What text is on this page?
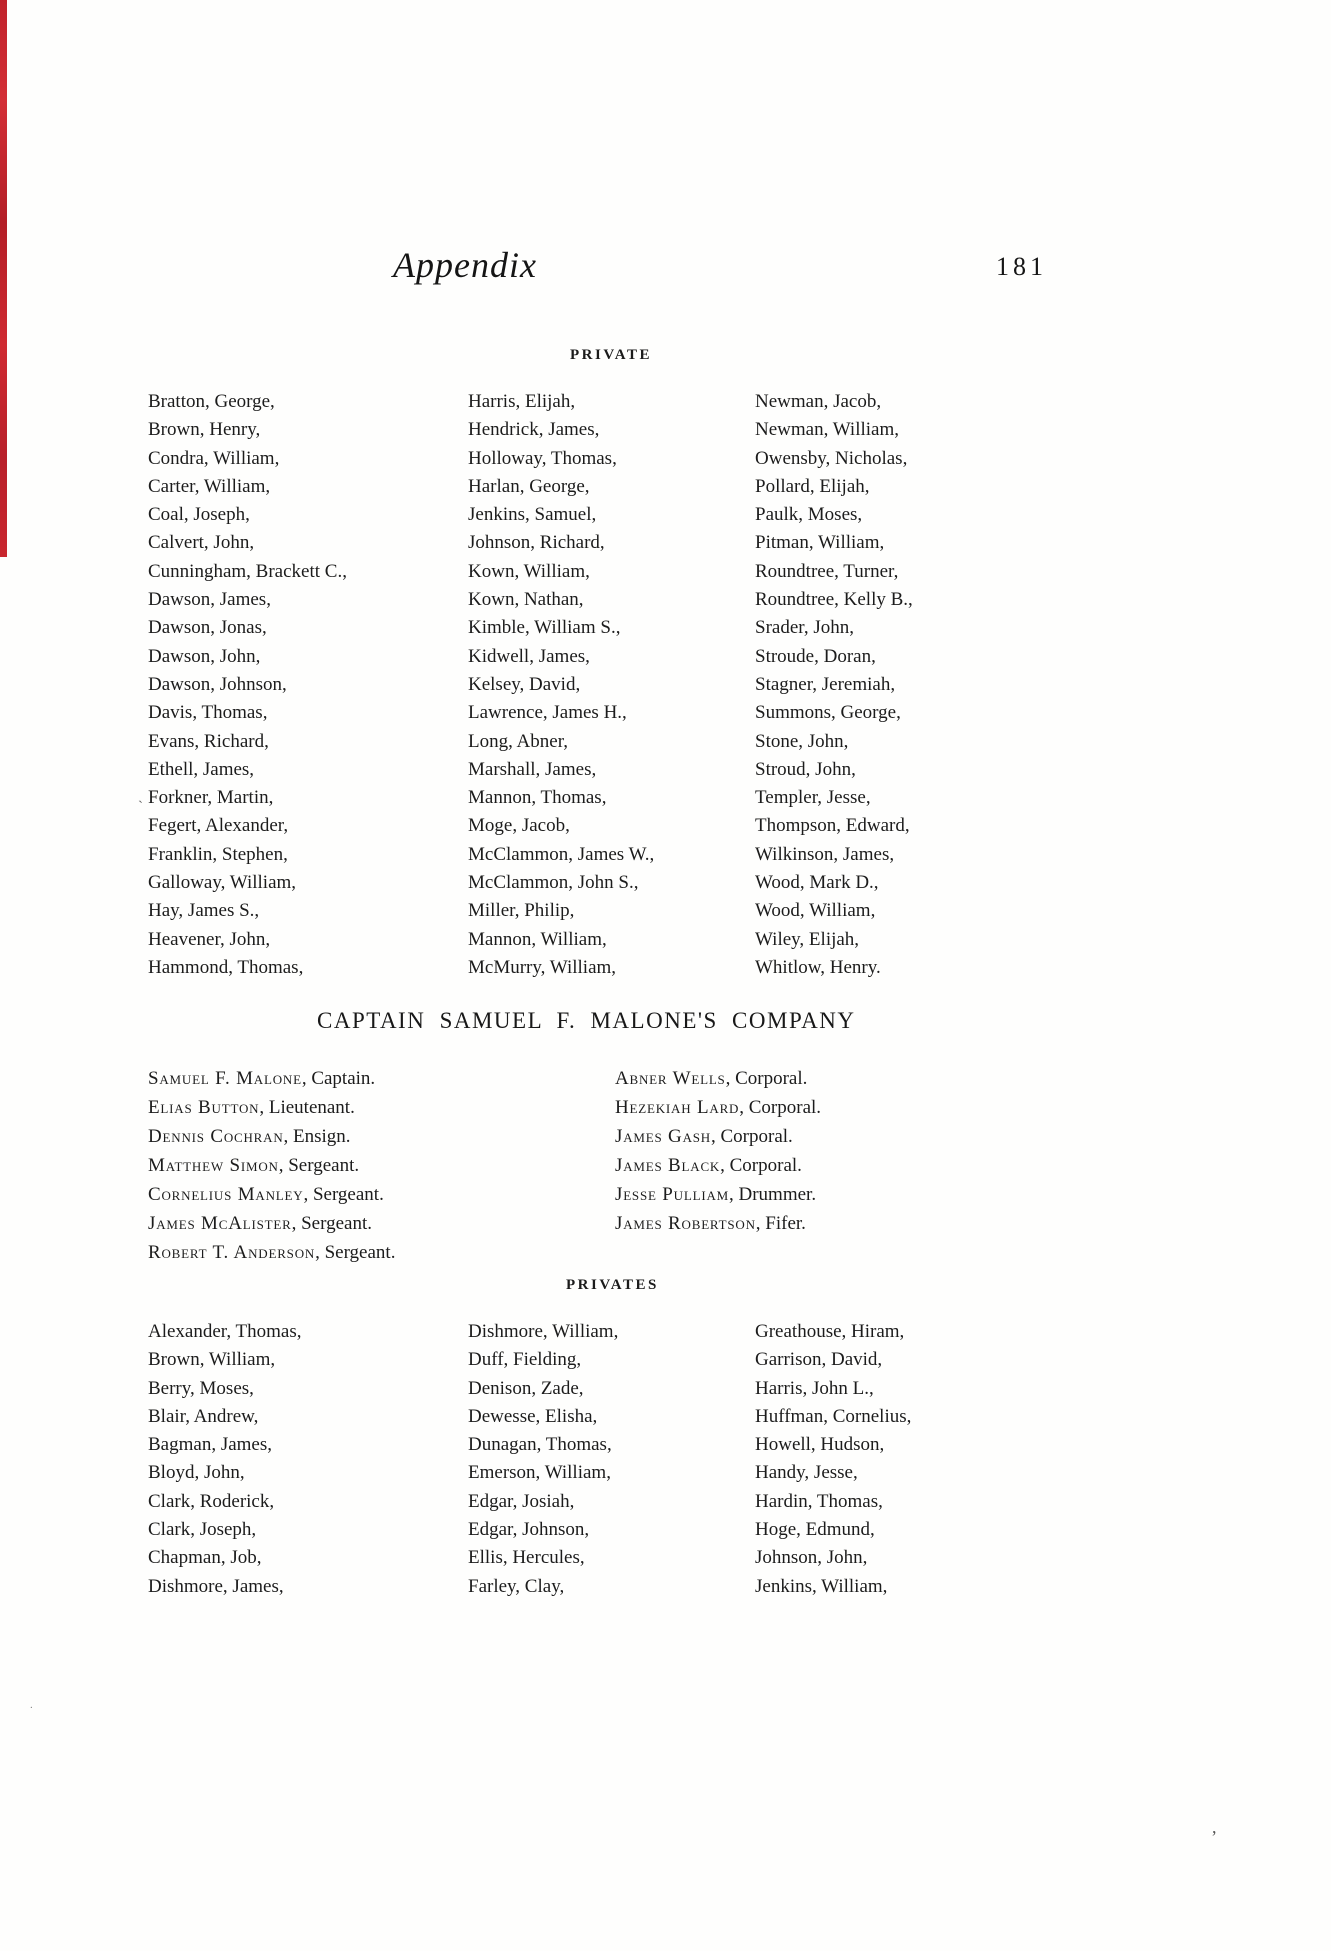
Appendix	181
PRIVATE
Bratton, George,
Brown, Henry,
Condra, William,
Carter, William,
Coal, Joseph,
Calvert, John,
Cunningham, Brackett C.,
Dawson, James,
Dawson, Jonas,
Dawson, John,
Dawson, Johnson,
Davis, Thomas,
Evans, Richard,
Ethell, James,
Forkner, Martin,
Fegert, Alexander,
Franklin, Stephen,
Galloway, William,
Hay, James S.,
Heavener, John,
Hammond, Thomas,
Harris, Elijah,
Hendrick, James,
Holloway, Thomas,
Harlan, George,
Jenkins, Samuel,
Johnson, Richard,
Kown, William,
Kown, Nathan,
Kimble, William S.,
Kidwell, James,
Kelsey, David,
Lawrence, James H.,
Long, Abner,
Marshall, James,
Mannon, Thomas,
Moge, Jacob,
McClammon, James W.,
McClammon, John S.,
Miller, Philip,
Mannon, William,
McMurry, William,
Newman, Jacob,
Newman, William,
Owensby, Nicholas,
Pollard, Elijah,
Paulk, Moses,
Pitman, William,
Roundtree, Turner,
Roundtree, Kelly B.,
Srader, John,
Stroude, Doran,
Stagner, Jeremiah,
Summons, George,
Stone, John,
Stroud, John,
Templer, Jesse,
Thompson, Edward,
Wilkinson, James,
Wood, Mark D.,
Wood, William,
Wiley, Elijah,
Whitlow, Henry.
CAPTAIN SAMUEL F. MALONE'S COMPANY
Samuel F. Malone, Captain.
Elias Button, Lieutenant.
Dennis Cochran, Ensign.
Matthew Simon, Sergeant.
Cornelius Manley, Sergeant.
James McAlister, Sergeant.
Robert T. Anderson, Sergeant.
Abner Wells, Corporal.
Hezekiah Lard, Corporal.
James Gash, Corporal.
James Black, Corporal.
Jesse Pulliam, Drummer.
James Robertson, Fifer.
PRIVATES
Alexander, Thomas,
Brown, William,
Berry, Moses,
Blair, Andrew,
Bagman, James,
Bloyd, John,
Clark, Roderick,
Clark, Joseph,
Chapman, Job,
Dishmore, James,
Dishmore, William,
Duff, Fielding,
Denison, Zade,
Dewesse, Elisha,
Dunagan, Thomas,
Emerson, William,
Edgar, Josiah,
Edgar, Johnson,
Ellis, Hercules,
Farley, Clay,
Greathouse, Hiram,
Garrison, David,
Harris, John L.,
Huffman, Cornelius,
Howell, Hudson,
Handy, Jesse,
Hardin, Thomas,
Hoge, Edmund,
Johnson, John,
Jenkins, William,
ˋ
.
,
